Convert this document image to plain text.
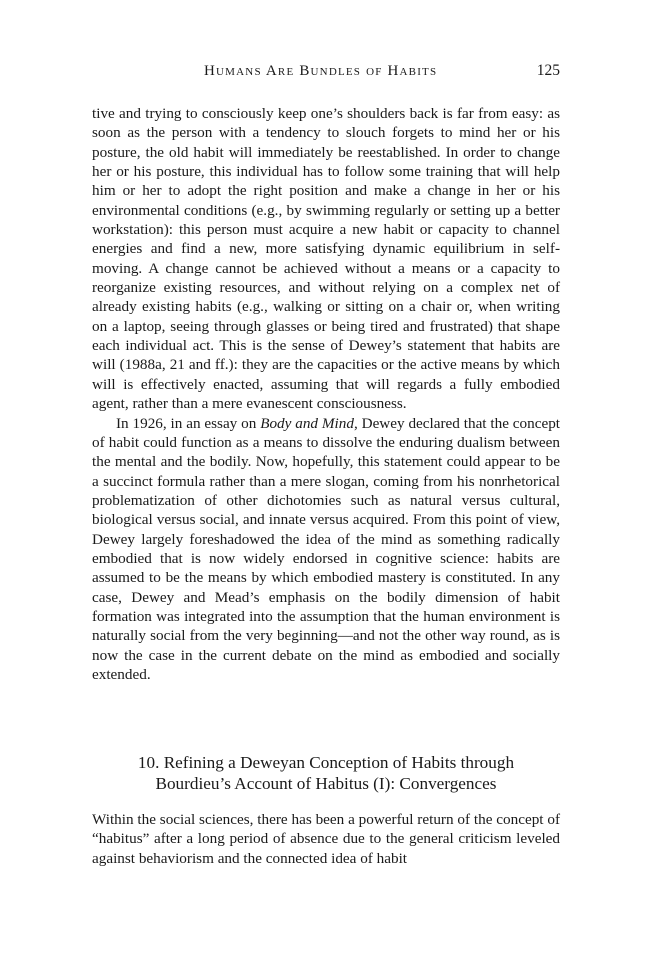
Humans Are Bundles of Habits	125

tive and trying to consciously keep one’s shoulders back is far from easy: as soon as the person with a tendency to slouch forgets to mind her or his posture, the old habit will immediately be reestablished. In order to change her or his posture, this individual has to follow some training that will help him or her to adopt the right position and make a change in her or his environmental conditions (e.g., by swimming regularly or setting up a better workstation): this person must acquire a new habit or capacity to channel energies and find a new, more satisfying dynamic equilibrium in self-moving. A change cannot be achieved without a means or a capacity to reorganize existing resources, and without relying on a complex net of already existing habits (e.g., walking or sitting on a chair or, when writing on a laptop, seeing through glasses or being tired and frustrated) that shape each individual act. This is the sense of Dewey’s statement that habits are will (1988a, 21 and ff.): they are the capacities or the active means by which will is effectively enacted, assuming that will regards a fully embodied agent, rather than a mere evanescent consciousness.

In 1926, in an essay on Body and Mind, Dewey declared that the concept of habit could function as a means to dissolve the enduring dualism between the mental and the bodily. Now, hopefully, this statement could appear to be a succinct formula rather than a mere slogan, coming from his nonrhetorical problematization of other dichotomies such as natural versus cultural, biological versus social, and innate versus acquired. From this point of view, Dewey largely foreshadowed the idea of the mind as something radically embodied that is now widely endorsed in cognitive science: habits are assumed to be the means by which embodied mastery is constituted. In any case, Dewey and Mead’s emphasis on the bodily dimension of habit formation was integrated into the assumption that the human environment is naturally social from the very beginning—and not the other way round, as is now the case in the current debate on the mind as embodied and socially extended.

10. Refining a Deweyan Conception of Habits through
Bourdieu’s Account of Habitus (I): Convergences

Within the social sciences, there has been a powerful return of the concept of “habitus” after a long period of absence due to the general criticism leveled against behaviorism and the connected idea of habit
